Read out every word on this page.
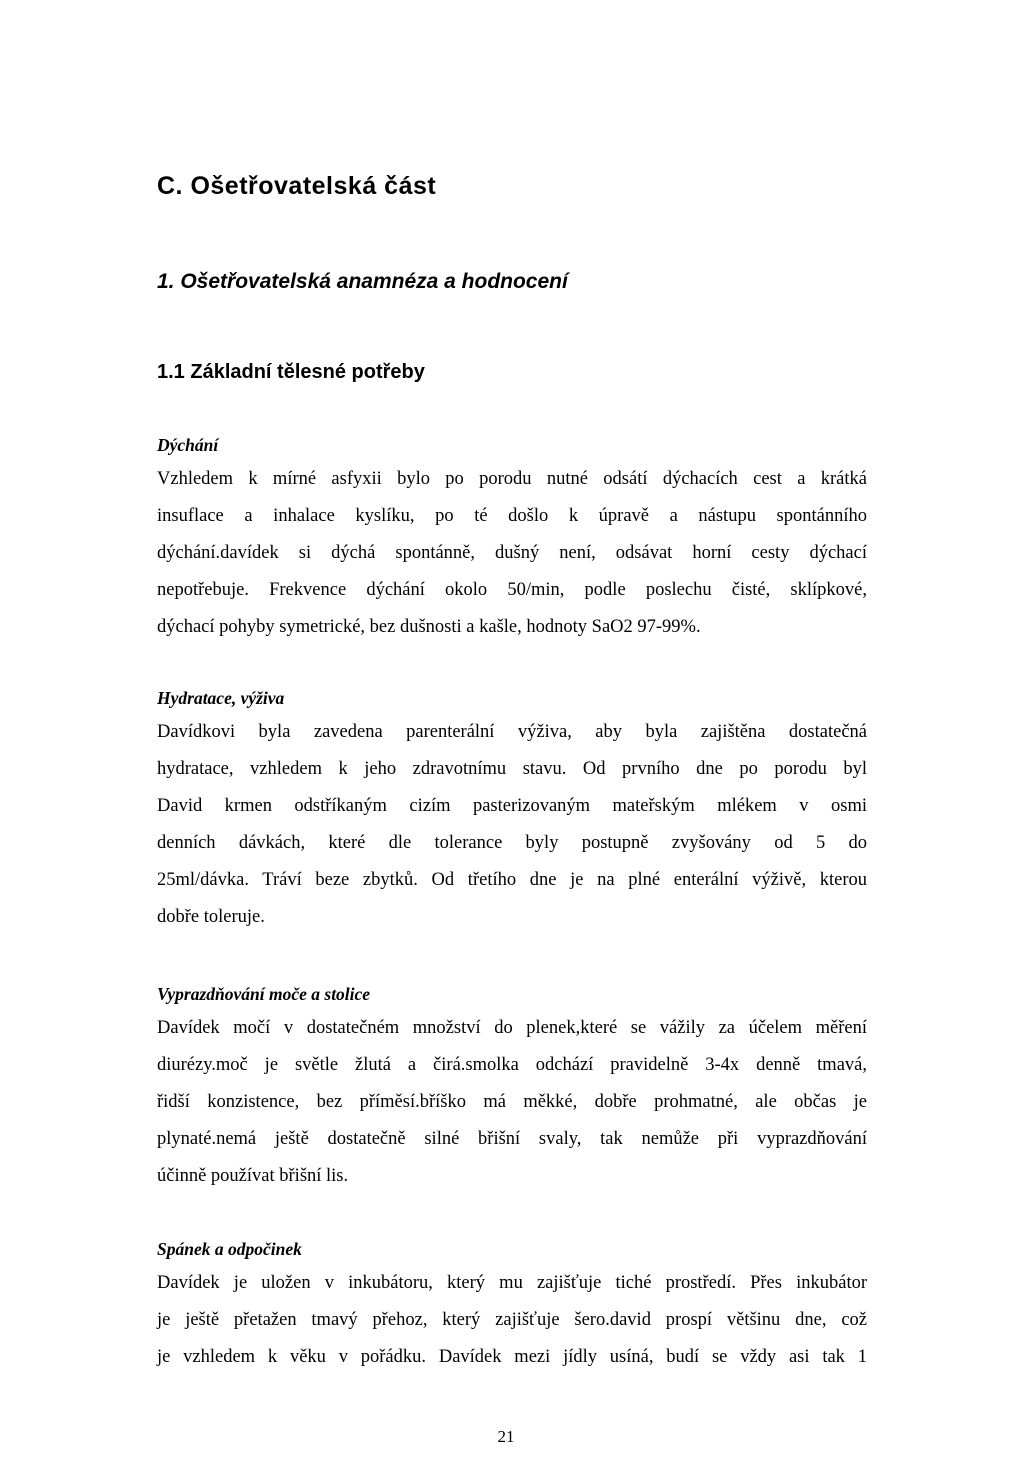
C. Ošetřovatelská část
1. Ošetřovatelská anamnéza a hodnocení
1.1 Základní tělesné potřeby
Dýchání
Vzhledem k mírné asfyxii bylo po porodu nutné odsátí dýchacích cest a krátká
insuflace a inhalace kyslíku, po té došlo k úpravě a nástupu spontánního
dýchání.davídek si dýchá spontánně, dušný není, odsávat horní cesty dýchací
nepotřebuje. Frekvence dýchání okolo 50/min, podle poslechu čisté, sklípkové,
dýchací pohyby symetrické, bez dušnosti a kašle, hodnoty SaO2 97-99%.
Hydratace, výživa
Davídkovi byla zavedena parenterální výživa, aby byla zajištěna dostatečná
hydratace, vzhledem k jeho zdravotnímu stavu. Od prvního dne po porodu byl
David krmen odstříkaným cizím pasterizovaným mateřským mlékem v osmi
denních dávkách, které dle tolerance byly postupně zvyšovány od 5 do
25ml/dávka. Tráví beze zbytků. Od třetího dne je na plné enterální výživě, kterou
dobře toleruje.
Vyprazdňování moče a stolice
Davídek močí v dostatečném množství do plenek,které se vážily za účelem měření
diurézy.moč je světle žlutá a čirá.smolka odchází pravidelně 3-4x denně tmavá,
řidší konzistence, bez příměsí.bříško má měkké, dobře prohmatné, ale občas je
plynaté.nemá ještě dostatečně silné břišní svaly, tak nemůže při vyprazdňování
účinně používat břišní lis.
Spánek a odpočinek
Davídek je uložen v inkubátoru, který mu zajišťuje tiché prostředí. Přes inkubátor
je ještě přetažen tmavý přehoz, který zajišťuje šero.david prospí většinu dne, což
je vzhledem k věku v pořádku. Davídek mezi jídly usíná, budí se vždy asi tak 1
21
